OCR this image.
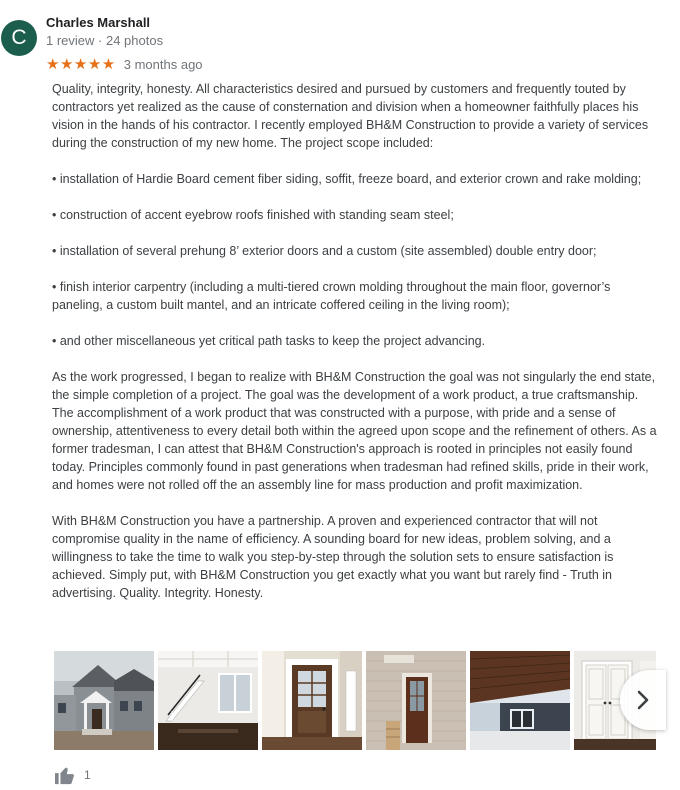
C
Charles Marshall
1 review · 24 photos
★★★★★ 3 months ago

Quality, integrity, honesty. All characteristics desired and pursued by customers and frequently touted by contractors yet realized as the cause of consternation and division when a homeowner faithfully places his vision in the hands of his contractor. I recently employed BH&M Construction to provide a variety of services during the construction of my new home. The project scope included:

• installation of Hardie Board cement fiber siding, soffit, freeze board, and exterior crown and rake molding;

• construction of accent eyebrow roofs finished with standing seam steel;

• installation of several prehung 8’ exterior doors and a custom (site assembled) double entry door;

• finish interior carpentry (including a multi-tiered crown molding throughout the main floor, governor’s paneling, a custom built mantel, and an intricate coffered ceiling in the living room);

• and other miscellaneous yet critical path tasks to keep the project advancing.

As the work progressed, I began to realize with BH&M Construction the goal was not singularly the end state, the simple completion of a project. The goal was the development of a work product, a true craftsmanship. The accomplishment of a work product that was constructed with a purpose, with pride and a sense of ownership, attentiveness to every detail both within the agreed upon scope and the refinement of others. As a former tradesman, I can attest that BH&M Construction's approach is rooted in principles not easily found today. Principles commonly found in past generations when tradesman had refined skills, pride in their work, and homes were not rolled off the an assembly line for mass production and profit maximization.

With BH&M Construction you have a partnership. A proven and experienced contractor that will not compromise quality in the name of efficiency. A sounding board for new ideas, problem solving, and a willingness to take the time to walk you step-by-step through the solution sets to ensure satisfaction is achieved. Simply put, with BH&M Construction you get exactly what you want but rarely find - Truth in advertising. Quality. Integrity. Honesty.

1
